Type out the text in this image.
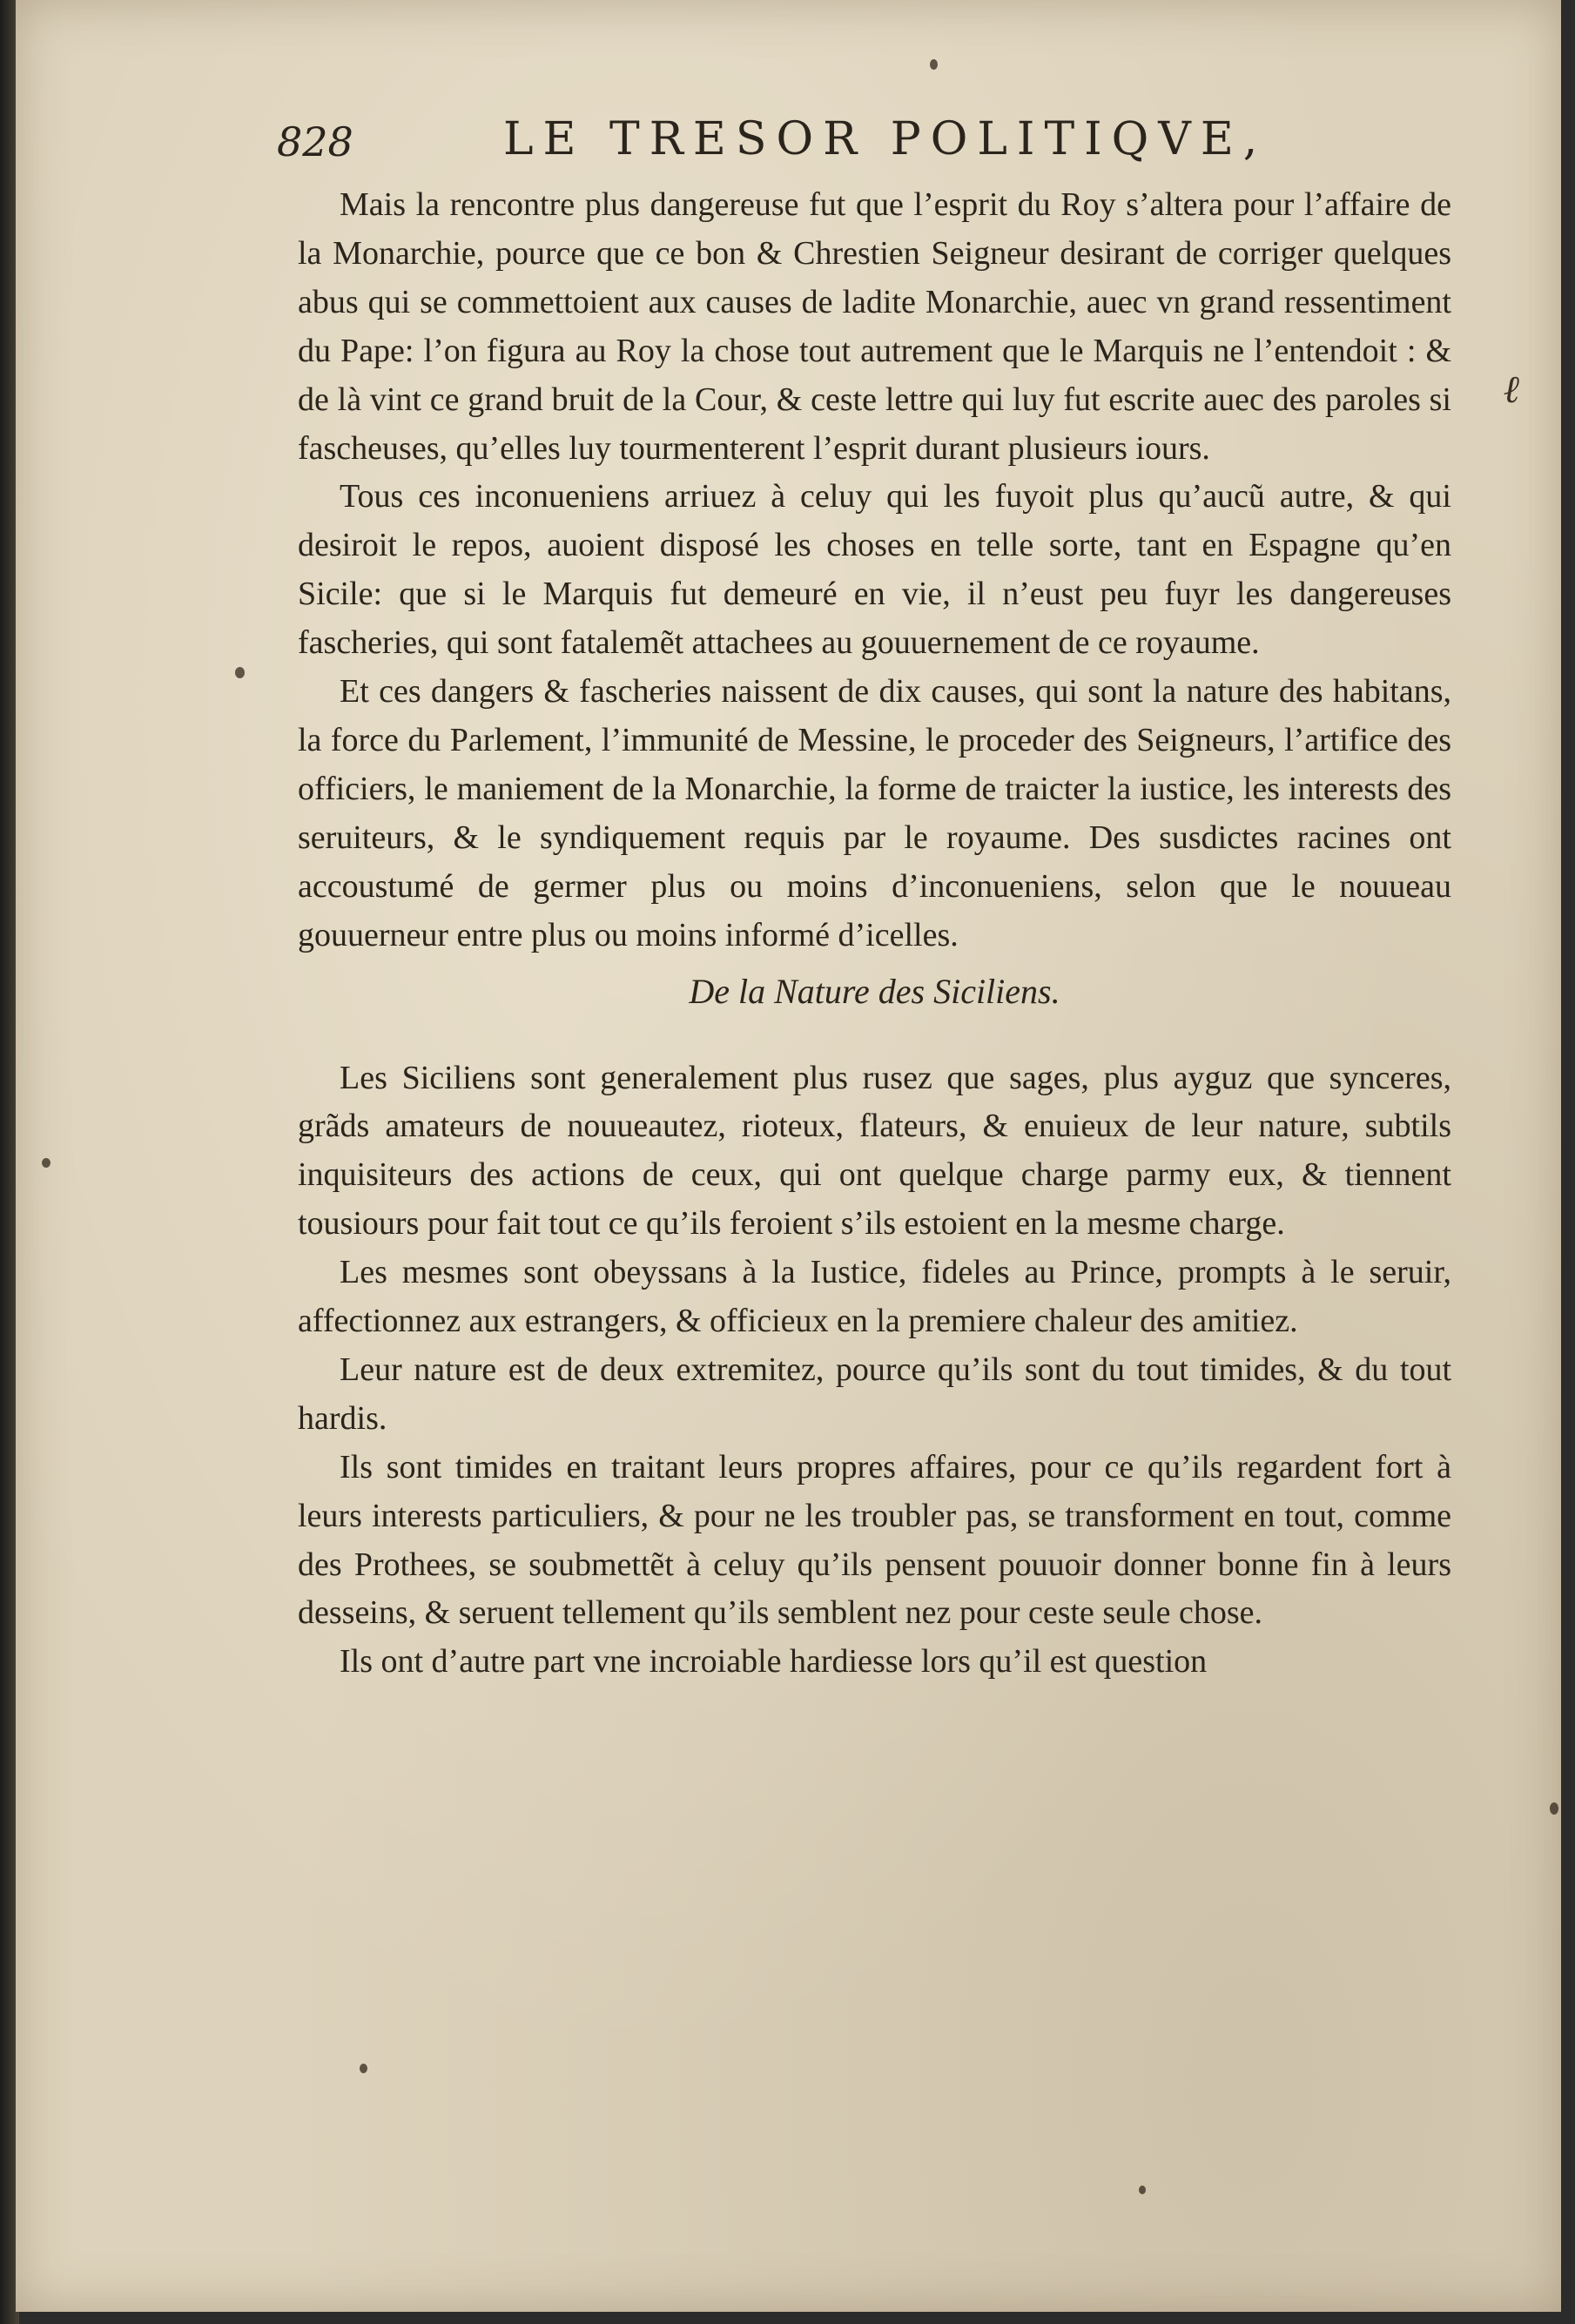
ℓ
828	LE TRESOR POLITIQVE,

Mais la rencontre plus dangereuse fut que l’esprit du Roy s’altera pour l’affaire de la Monarchie, pource que ce bon & Chrestien Seigneur desirant de corriger quelques abus qui se commettoient aux causes de ladite Monarchie, auec vn grand ressentiment du Pape: l’on figura au Roy la chose tout autrement que le Marquis ne l’entendoit : & de là vint ce grand bruit de la Cour, & ceste lettre qui luy fut escrite auec des paroles si fascheuses, qu’elles luy tourmenterent l’esprit durant plusieurs iours.

Tous ces inconueniens arriuez à celuy qui les fuyoit plus qu’aucũ autre, & qui desiroit le repos, auoient disposé les choses en telle sorte, tant en Espagne qu’en Sicile: que si le Marquis fut demeuré en vie, il n’eust peu fuyr les dangereuses fascheries, qui sont fatalemẽt attachees au gouuernement de ce royaume.

Et ces dangers & fascheries naissent de dix causes, qui sont la nature des habitans, la force du Parlement, l’immunité de Messine, le proceder des Seigneurs, l’artifice des officiers, le maniement de la Monarchie, la forme de traicter la iustice, les interests des seruiteurs, & le syndiquement requis par le royaume. Des susdictes racines ont accoustumé de germer plus ou moins d’inconueniens, selon que le nouueau gouuerneur entre plus ou moins informé d’icelles.

De la Nature des Siciliens.

Les Siciliens sont generalement plus rusez que sages, plus ayguz que synceres, grãds amateurs de nouueautez, rioteux, flateurs, & enuieux de leur nature, subtils inquisiteurs des actions de ceux, qui ont quelque charge parmy eux, & tiennent tousiours pour fait tout ce qu’ils feroient s’ils estoient en la mesme charge.

Les mesmes sont obeyssans à la Iustice, fideles au Prince, prompts à le seruir, affectionnez aux estrangers, & officieux en la premiere chaleur des amitiez.

Leur nature est de deux extremitez, pource qu’ils sont du tout timides, & du tout hardis.

Ils sont timides en traitant leurs propres affaires, pour ce qu’ils regardent fort à leurs interests particuliers, & pour ne les troubler pas, se transforment en tout, comme des Prothees, se soubmettẽt à celuy qu’ils pensent pouuoir donner bonne fin à leurs desseins, & seruent tellement qu’ils semblent nez pour ceste seule chose.

Ils ont d’autre part vne incroiable hardiesse lors qu’il est question
